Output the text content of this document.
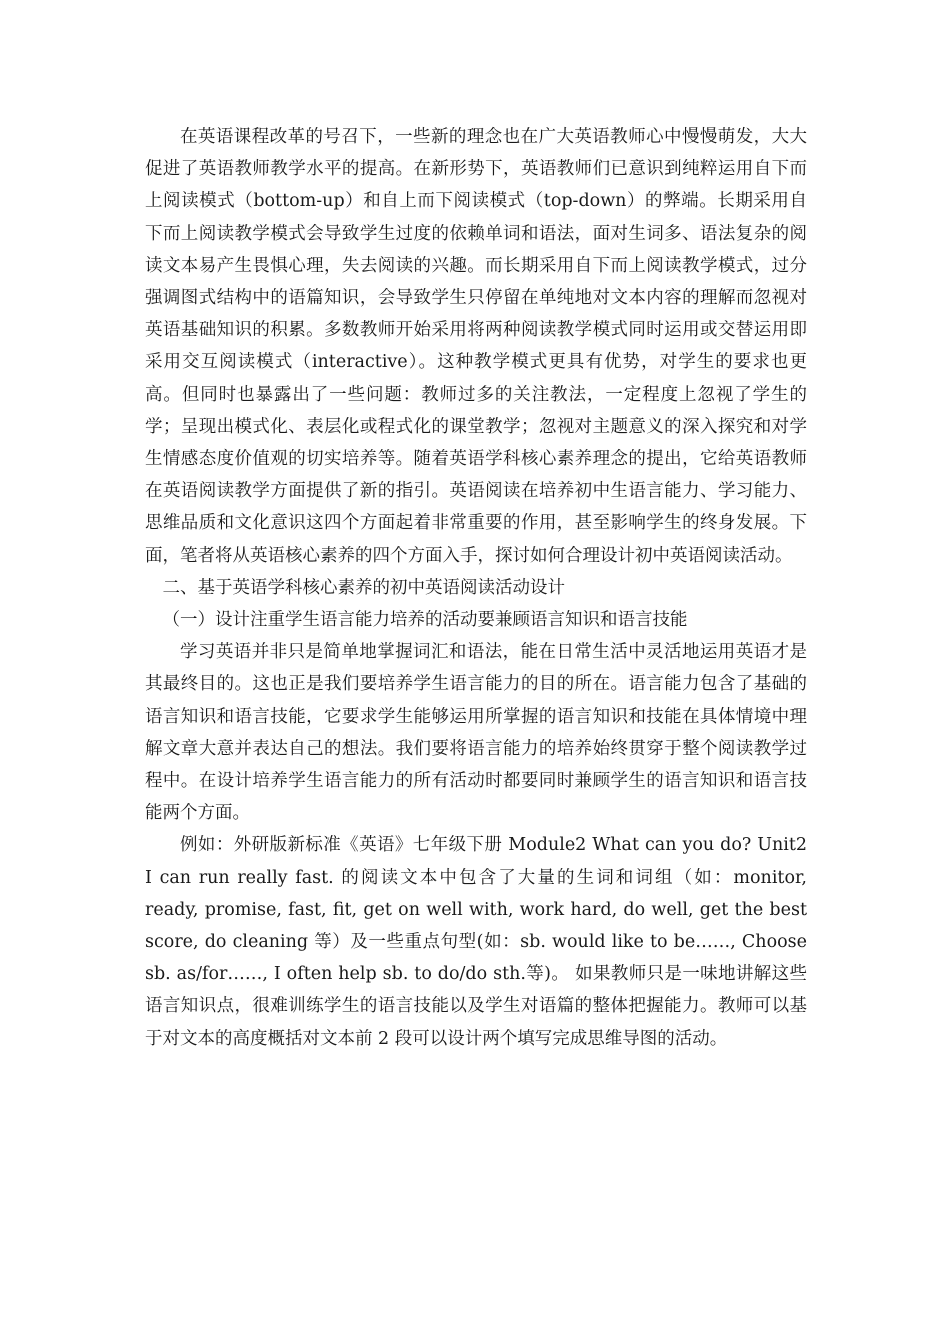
在英语课程改革的号召下，一些新的理念也在广大英语教师心中慢慢萌发，大大促进了英语教师教学水平的提高。在新形势下，英语教师们已意识到纯粹运用自下而上阅读模式（bottom-up）和自上而下阅读模式（top-down）的弊端。长期采用自下而上阅读教学模式会导致学生过度的依赖单词和语法，面对生词多、语法复杂的阅读文本易产生畏惧心理，失去阅读的兴趣。而长期采用自下而上阅读教学模式，过分强调图式结构中的语篇知识，会导致学生只停留在单纯地对文本内容的理解而忽视对英语基础知识的积累。多数教师开始采用将两种阅读教学模式同时运用或交替运用即采用交互阅读模式（interactive）。这种教学模式更具有优势，对学生的要求也更高。但同时也暴露出了一些问题：教师过多的关注教法，一定程度上忽视了学生的学；呈现出模式化、表层化或程式化的课堂教学；忽视对主题意义的深入探究和对学生情感态度价值观的切实培养等。随着英语学科核心素养理念的提出，它给英语教师在英语阅读教学方面提供了新的指引。英语阅读在培养初中生语言能力、学习能力、思维品质和文化意识这四个方面起着非常重要的作用，甚至影响学生的终身发展。下面，笔者将从英语核心素养的四个方面入手，探讨如何合理设计初中英语阅读活动。

二、基于英语学科核心素养的初中英语阅读活动设计

（一）设计注重学生语言能力培养的活动要兼顾语言知识和语言技能

学习英语并非只是简单地掌握词汇和语法，能在日常生活中灵活地运用英语才是其最终目的。这也正是我们要培养学生语言能力的目的所在。语言能力包含了基础的语言知识和语言技能，它要求学生能够运用所掌握的语言知识和技能在具体情境中理解文章大意并表达自己的想法。我们要将语言能力的培养始终贯穿于整个阅读教学过程中。在设计培养学生语言能力的所有活动时都要同时兼顾学生的语言知识和语言技能两个方面。

例如：外研版新标准《英语》七年级下册 Module2 What can you do? Unit2 I can run really fast. 的阅读文本中包含了大量的生词和词组（如：monitor, ready, promise, fast, fit, get on well with, work hard, do well, get the best score, do cleaning 等）及一些重点句型(如：sb. would like to be……, Choose sb. as/for……, I often help sb. to do/do sth.等)。 如果教师只是一味地讲解这些语言知识点，很难训练学生的语言技能以及学生对语篇的整体把握能力。教师可以基于对文本的高度概括对文本前 2 段可以设计两个填写完成思维导图的活动。
